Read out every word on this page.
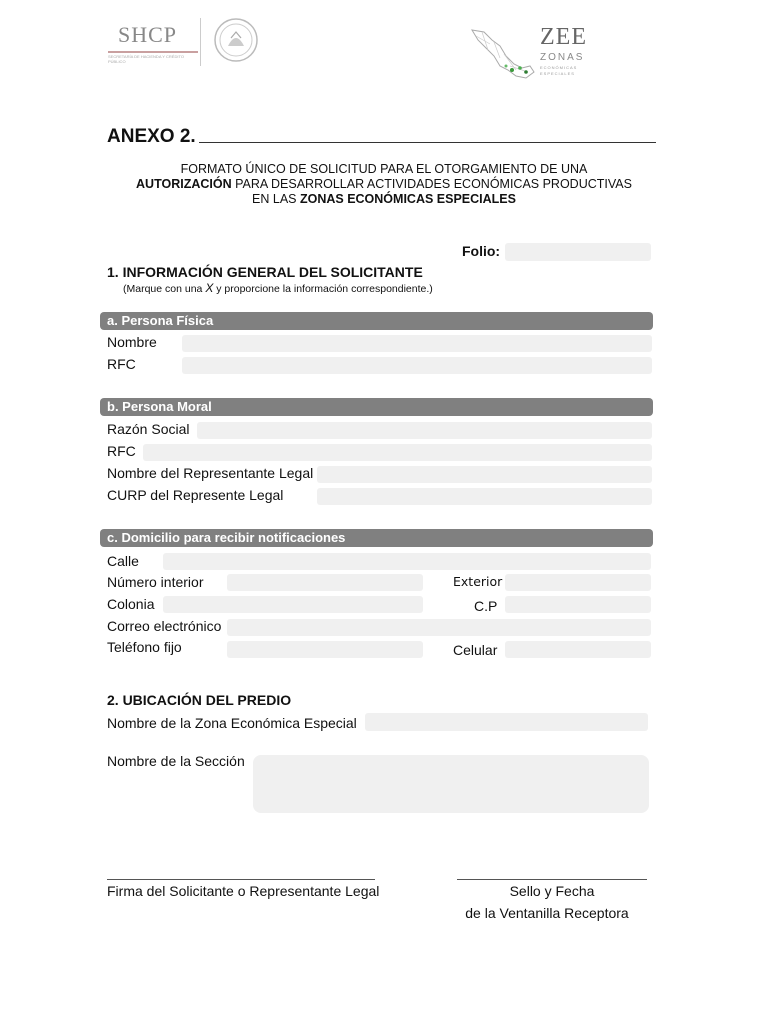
SHCP
SECRETARÍA DE HACIENDA Y CRÉDITO PÚBLICO
ZEE
ZONAS
ECONÓMICAS ESPECIALES
ANEXO 2.
FORMATO ÚNICO DE SOLICITUD PARA EL OTORGAMIENTO DE UNA
AUTORIZACIÓN PARA DESARROLLAR ACTIVIDADES ECONÓMICAS PRODUCTIVAS
EN LAS ZONAS ECONÓMICAS ESPECIALES
Folio:
1. INFORMACIÓN GENERAL DEL SOLICITANTE
(Marque con una X y proporcione la información correspondiente.)
a. Persona Física
Nombre
RFC
b. Persona Moral
Razón Social
RFC
Nombre del Representante Legal
CURP del Represente Legal
c. Domicilio para recibir notificaciones
Calle
Número interior	Exterior
Colonia	C.P
Correo electrónico
Teléfono fijo	Celular
2. UBICACIÓN DEL PREDIO
Nombre de la Zona Económica Especial
Nombre de la Sección
Firma del Solicitante o Representante Legal	Sello y Fecha
de la Ventanilla Receptora
